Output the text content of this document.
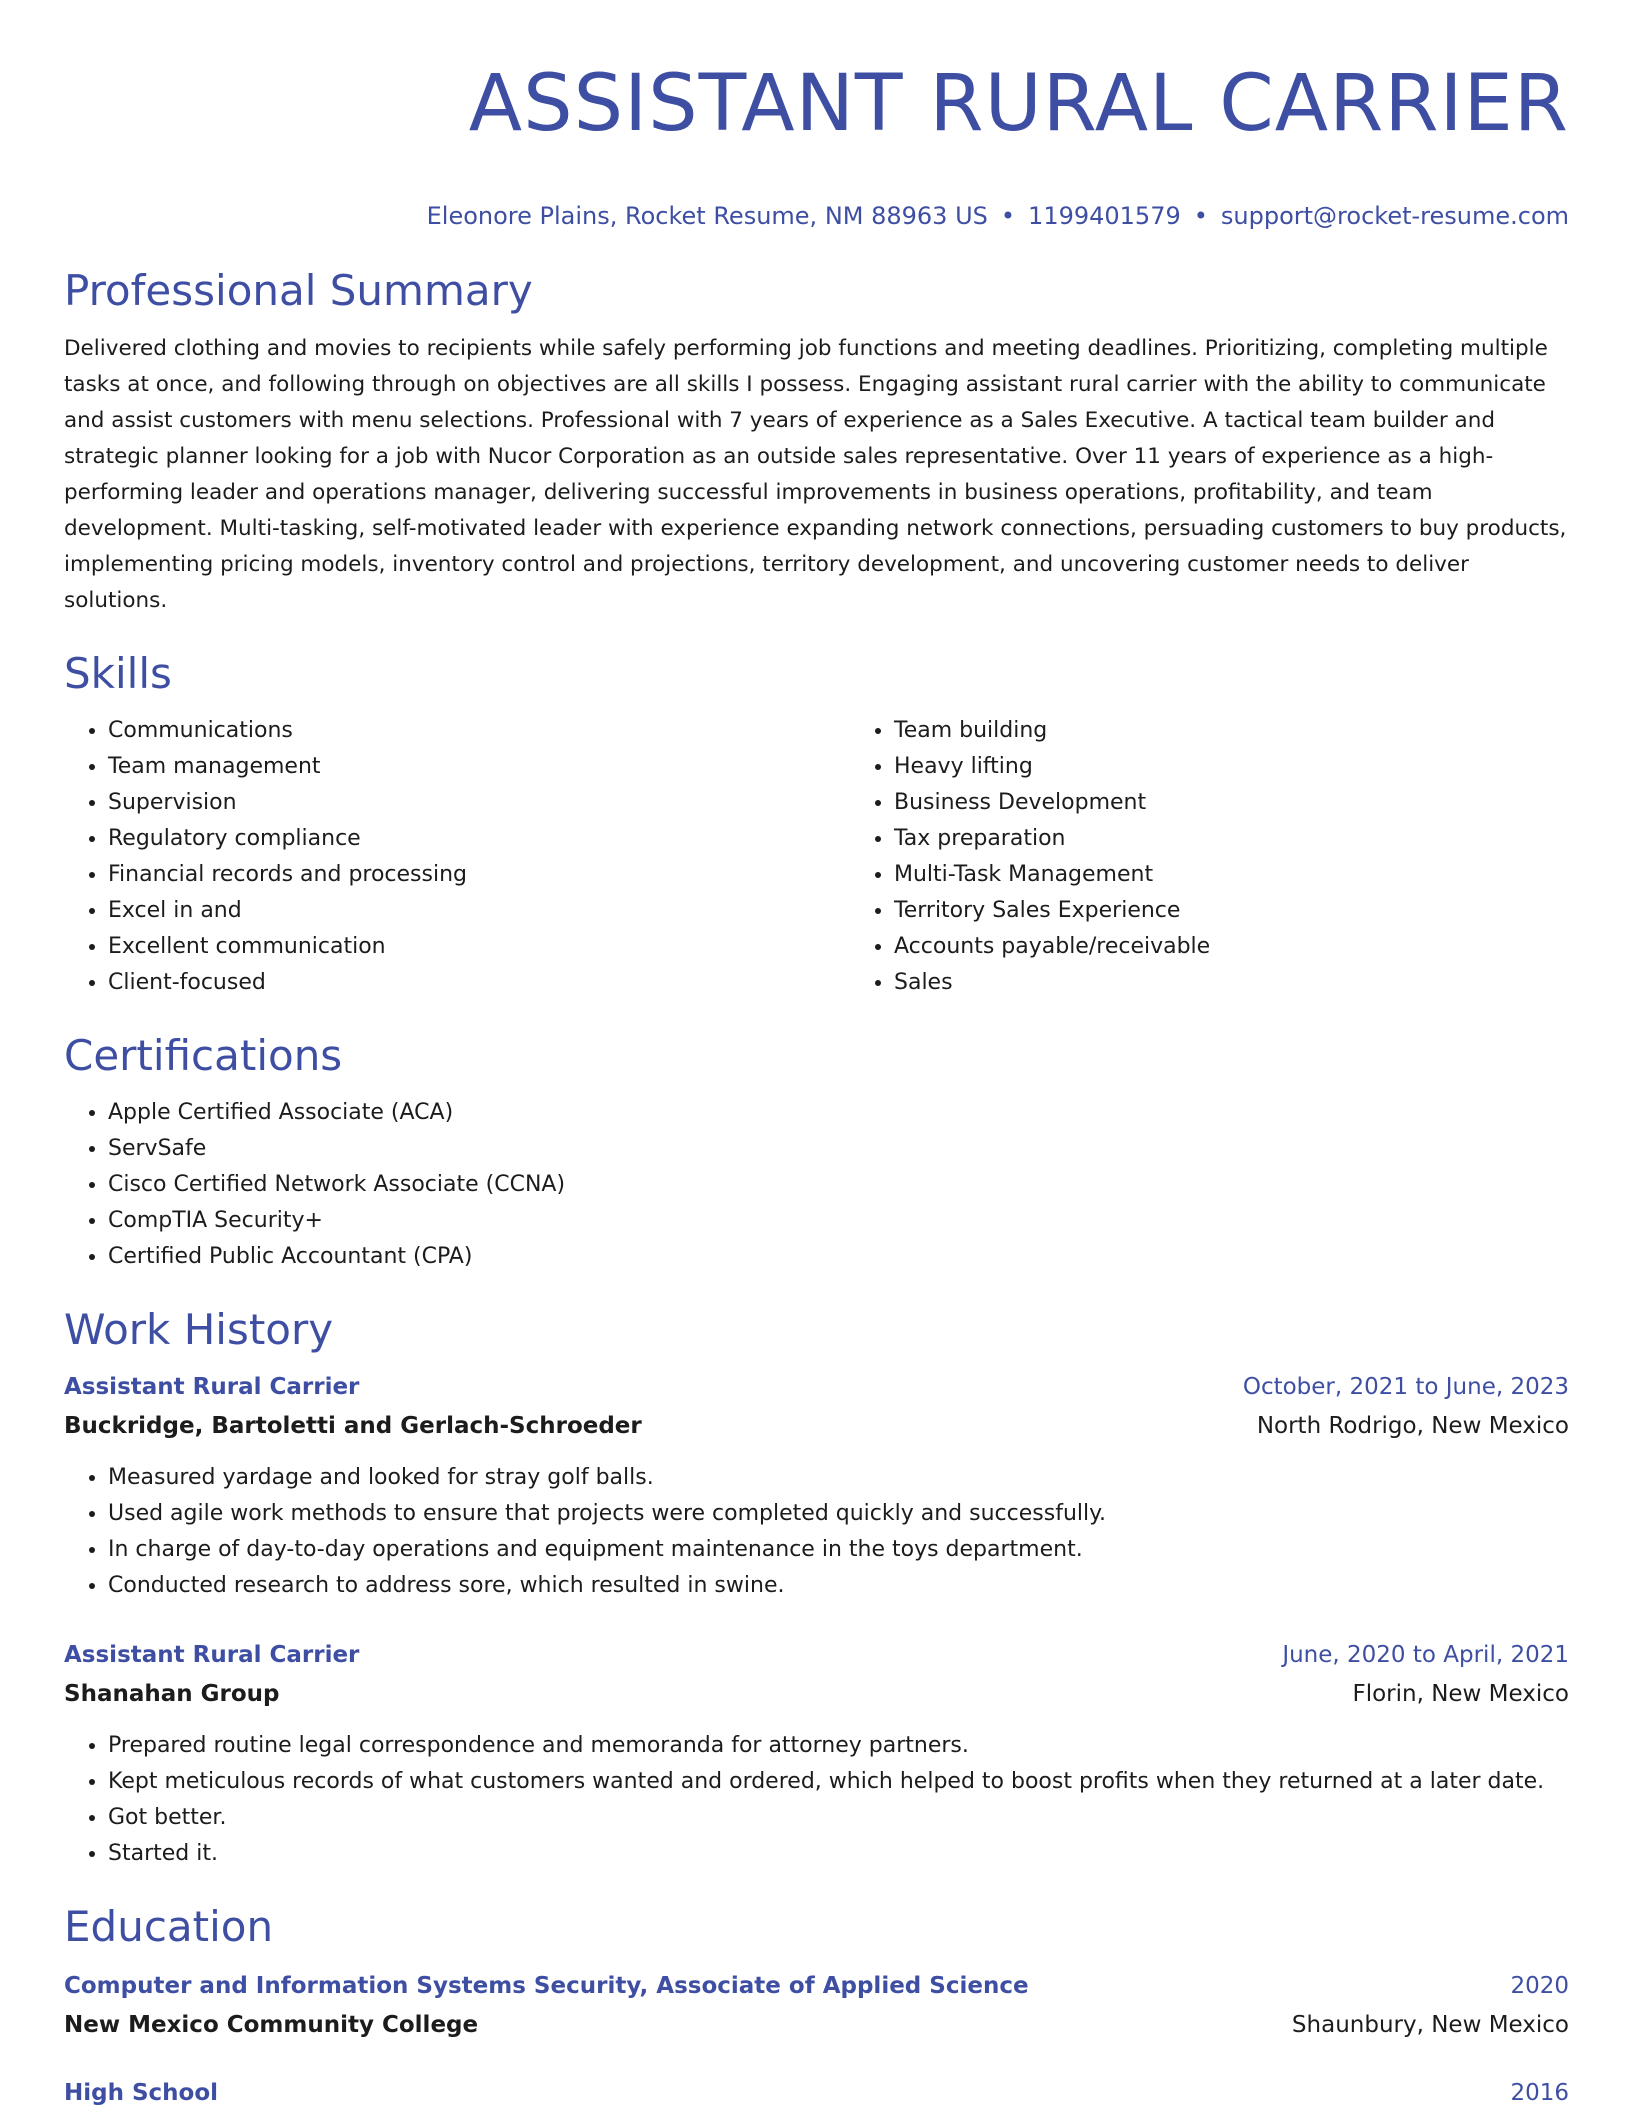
ASSISTANT RURAL CARRIER
Eleonore Plains, Rocket Resume, NM 88963 US • 1199401579 • support@rocket-resume.com
Professional Summary

Delivered clothing and movies to recipients while safely performing job functions and meeting deadlines. Prioritizing, completing multiple tasks at once, and following through on objectives are all skills I possess. Engaging assistant rural carrier with the ability to communicate and assist customers with menu selections. Professional with 7 years of experience as a Sales Executive. A tactical team builder and strategic planner looking for a job with Nucor Corporation as an outside sales representative. Over 11 years of experience as a high-performing leader and operations manager, delivering successful improvements in business operations, profitability, and team development. Multi-tasking, self-motivated leader with experience expanding network connections, persuading customers to buy products, implementing pricing models, inventory control and projections, territory development, and uncovering customer needs to deliver solutions.

Skills
• Communications
• Team management
• Supervision
• Regulatory compliance
• Financial records and processing
• Excel in and
• Excellent communication
• Client-focused
• Team building
• Heavy lifting
• Business Development
• Tax preparation
• Multi-Task Management
• Territory Sales Experience
• Accounts payable/receivable
• Sales
Certifications
• Apple Certified Associate (ACA)
• ServSafe
• Cisco Certified Network Associate (CCNA)
• CompTIA Security+
• Certified Public Accountant (CPA)
Work History
Assistant Rural Carrier	October, 2021 to June, 2023
Buckridge, Bartoletti and Gerlach-Schroeder	North Rodrigo, New Mexico
• Measured yardage and looked for stray golf balls.
• Used agile work methods to ensure that projects were completed quickly and successfully.
• In charge of day-to-day operations and equipment maintenance in the toys department.
• Conducted research to address sore, which resulted in swine.
Assistant Rural Carrier	June, 2020 to April, 2021
Shanahan Group	Florin, New Mexico
• Prepared routine legal correspondence and memoranda for attorney partners.
• Kept meticulous records of what customers wanted and ordered, which helped to boost profits when they returned at a later date.
• Got better.
• Started it.
Education
Computer and Information Systems Security, Associate of Applied Science	2020
New Mexico Community College	Shaunbury, New Mexico
High School	2016
